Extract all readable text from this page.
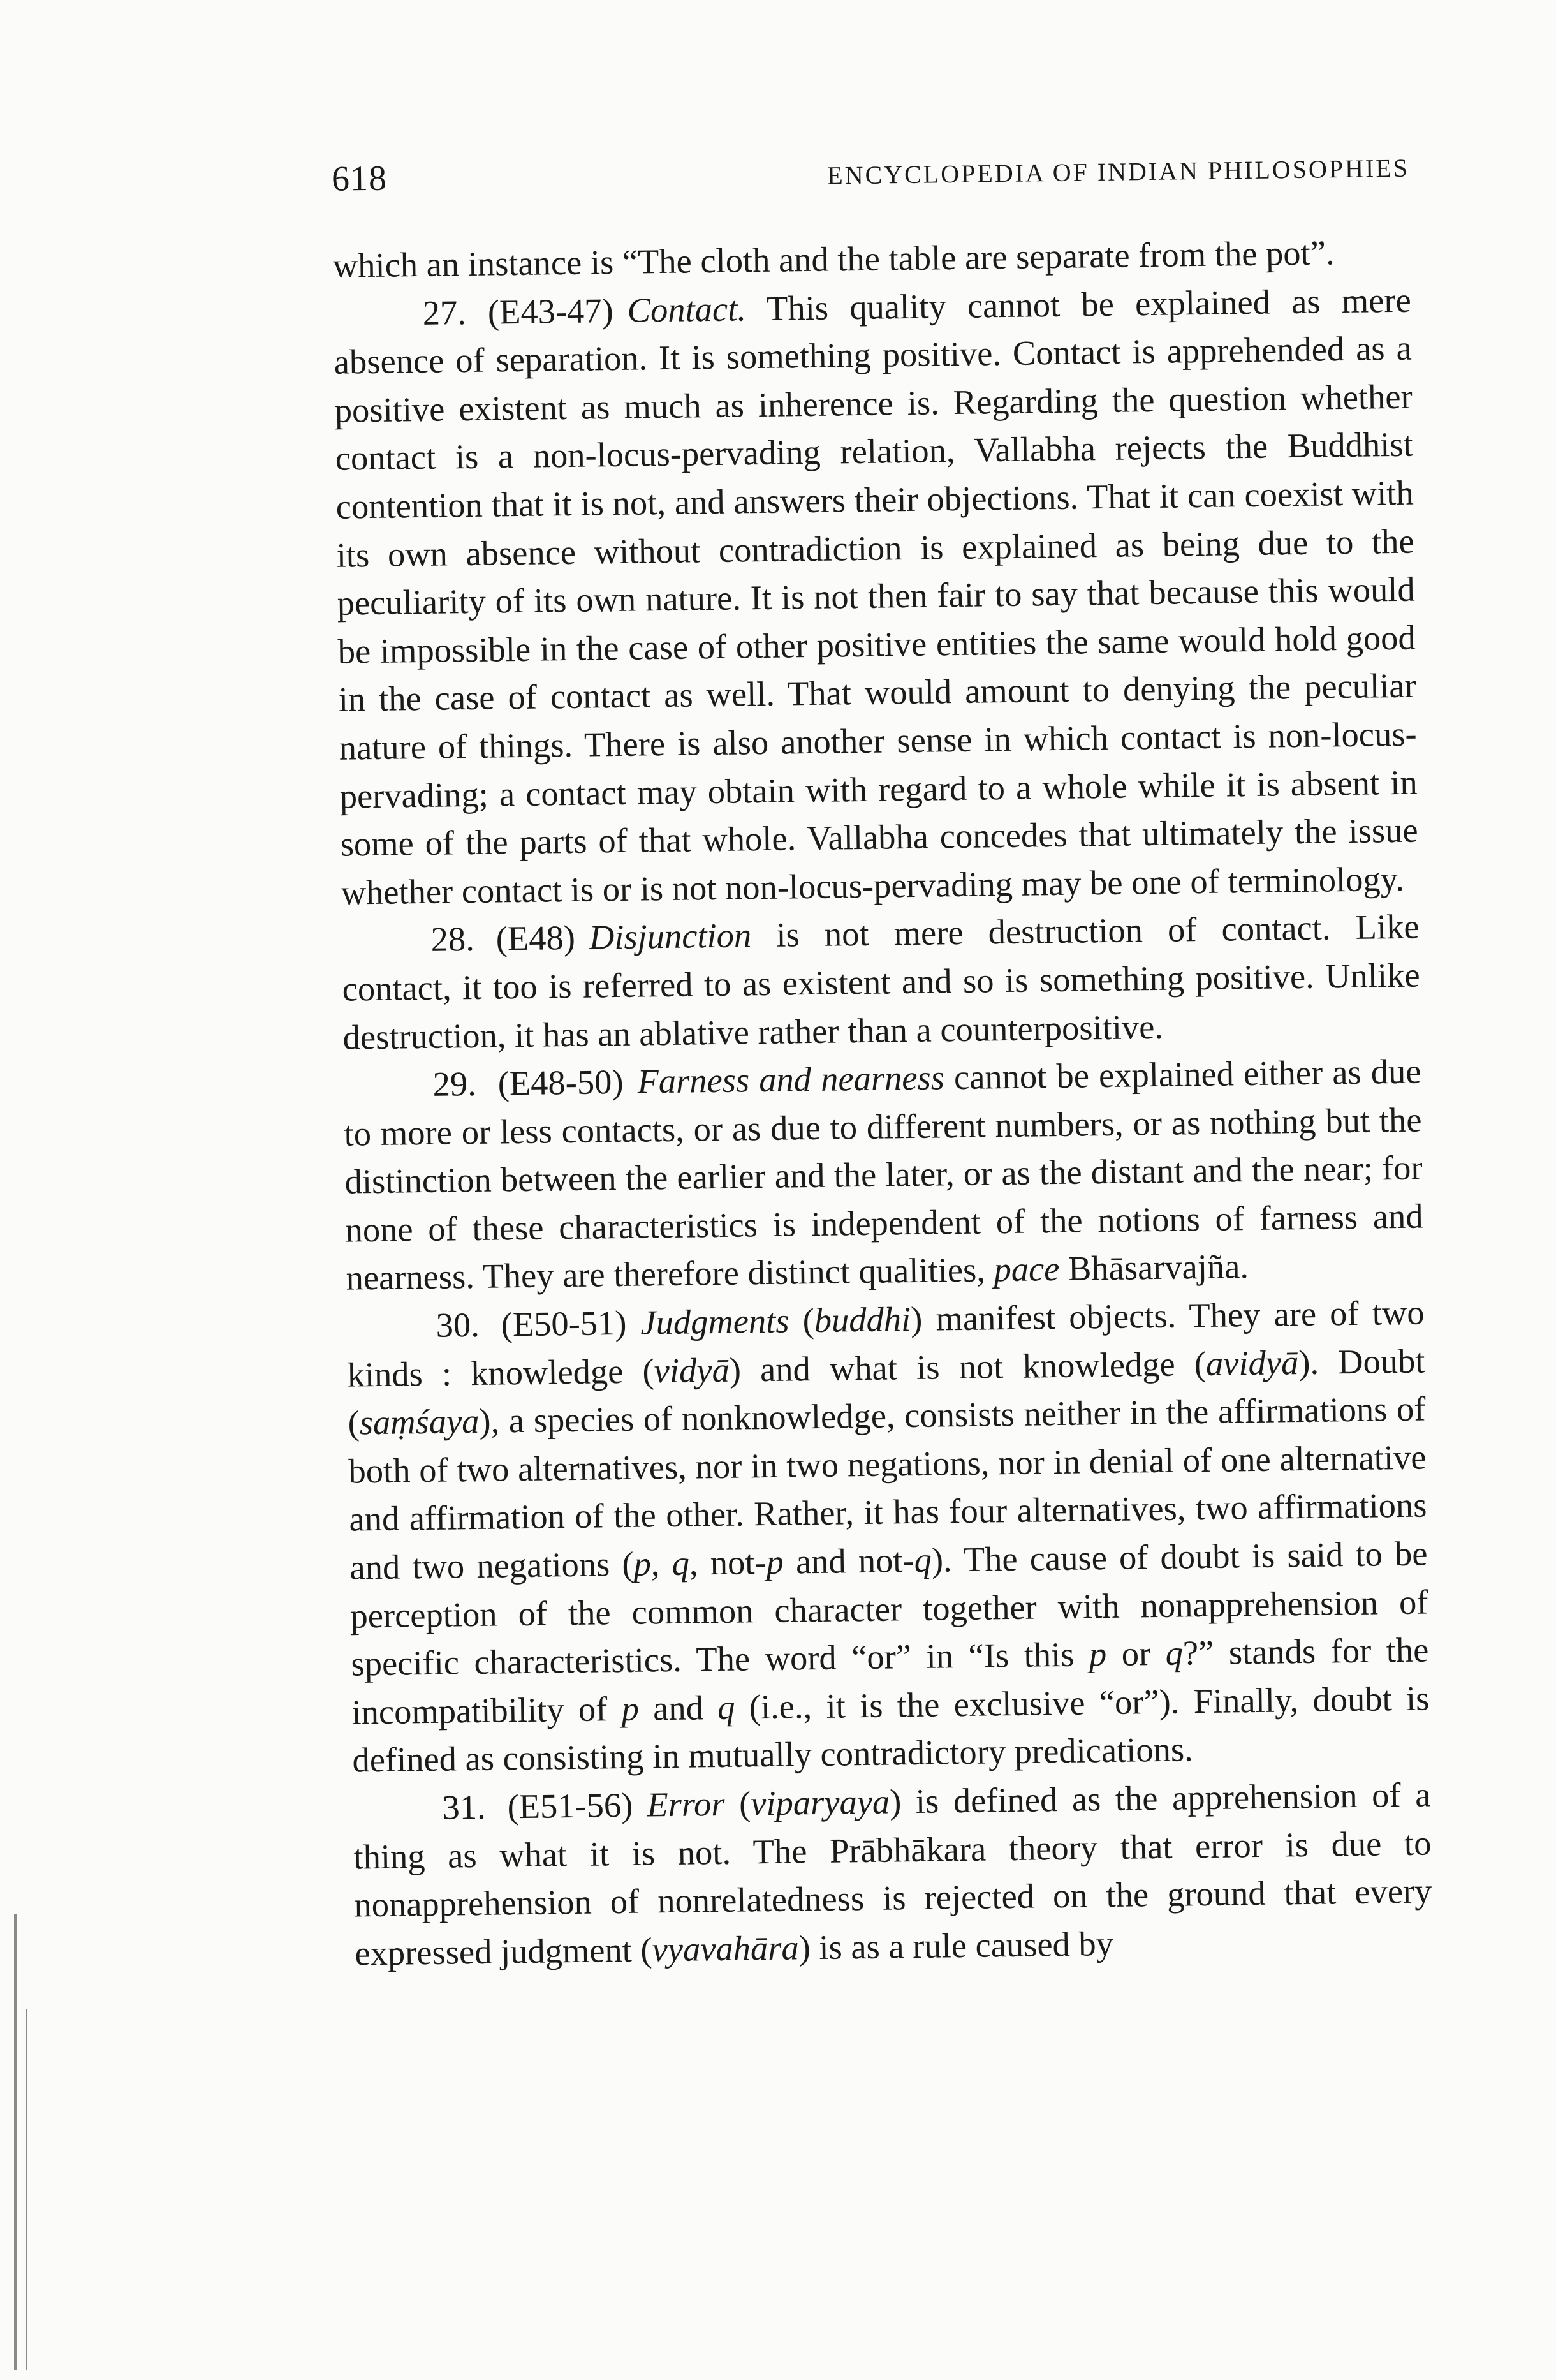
618	ENCYCLOPEDIA OF INDIAN PHILOSOPHIES

which an instance is “The cloth and the table are separate from the pot”.

27. (E43-47) Contact. This quality cannot be explained as mere absence of separation. It is something positive. Contact is apprehended as a positive existent as much as inherence is. Regarding the question whether contact is a non-locus-pervading relation, Vallabha rejects the Buddhist contention that it is not, and answers their objections. That it can coexist with its own absence without contradiction is explained as being due to the peculiarity of its own nature. It is not then fair to say that because this would be impossible in the case of other positive entities the same would hold good in the case of contact as well. That would amount to denying the peculiar nature of things. There is also another sense in which contact is non-locus-pervading; a contact may obtain with regard to a whole while it is absent in some of the parts of that whole. Vallabha concedes that ultimately the issue whether contact is or is not non-locus-pervading may be one of terminology.

28. (E48) Disjunction is not mere destruction of contact. Like contact, it too is referred to as existent and so is something positive. Unlike destruction, it has an ablative rather than a counterpositive.

29. (E48-50) Farness and nearness cannot be explained either as due to more or less contacts, or as due to different numbers, or as nothing but the distinction between the earlier and the later, or as the distant and the near; for none of these characteristics is independent of the notions of farness and nearness. They are therefore distinct qualities, pace Bhāsarvajña.

30. (E50-51) Judgments (buddhi) manifest objects. They are of two kinds : knowledge (vidyā) and what is not knowledge (avidyā). Doubt (saṃśaya), a species of nonknowledge, consists neither in the affirmations of both of two alternatives, nor in two negations, nor in denial of one alternative and affirmation of the other. Rather, it has four alternatives, two affirmations and two negations (p, q, not-p and not-q). The cause of doubt is said to be perception of the common character together with nonapprehension of specific characteristics. The word “or” in “Is this p or q?” stands for the incompatibility of p and q (i.e., it is the exclusive “or”). Finally, doubt is defined as consisting in mutually contradictory predications.

31. (E51-56) Error (viparyaya) is defined as the apprehension of a thing as what it is not. The Prābhākara theory that error is due to nonapprehension of nonrelatedness is rejected on the ground that every expressed judgment (vyavahāra) is as a rule caused by
